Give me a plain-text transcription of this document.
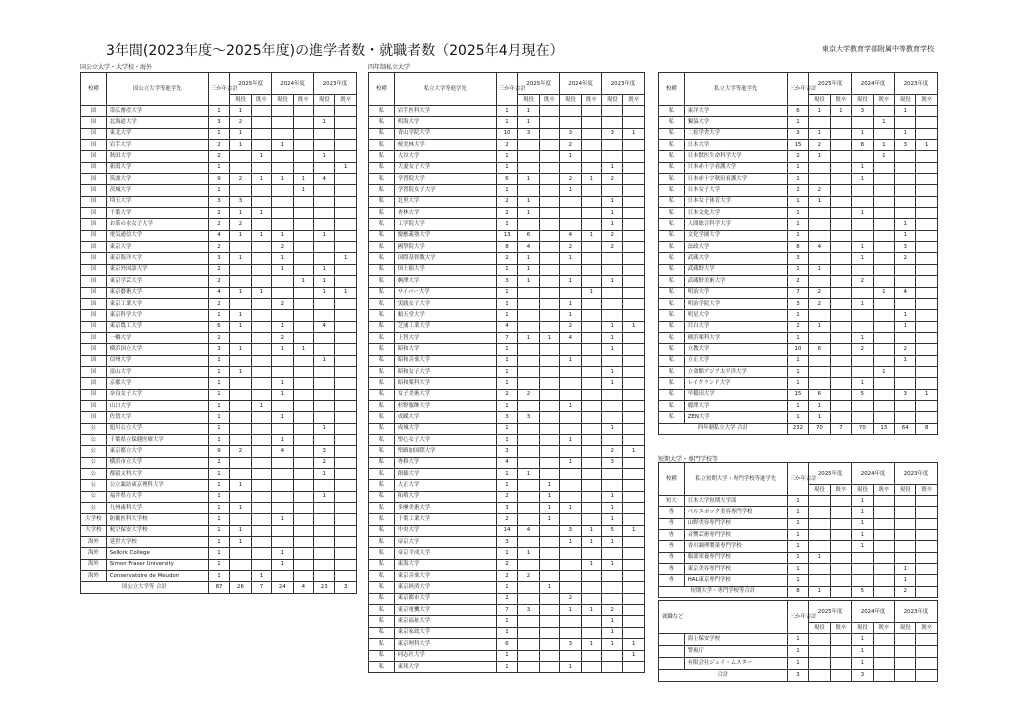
3年間(2023年度～2025年度)の進学者数・就職者数（2025年4月現在）	東京大学教育学部附属中等教育学校
国公立大学・大学校・海外	四年制私立大学
短期大学・専門学校等
校種	国公立大学等進学先	三か年合計	2025年度		2024年度		2023年度	
			現役	既卒	現役	既卒	現役	既卒
国	帯広畜産大学	1	1					
国	北海道大学	3	2				1	
国	東北大学	1	1					
国	岩手大学	2	1		1			
国	秋田大学	2		1			1	
国	新潟大学	1						1
国	筑波大学	9	2	1	1	1	4	
国	茨城大学	1				1		
国	埼玉大学	3	3					
国	千葉大学	2	1	1				
国	お茶の水女子大学	2	2					
国	電気通信大学	4	1	1	1		1	
国	東京大学	2			2			
国	東京海洋大学	3	1		1			1
国	東京外国語大学	2			1		1	
国	東京学芸大学	2				1	1	
国	東京藝術大学	4	1	1			1	1
国	東京工業大学	2			2			
国	東京科学大学	1	1					
国	東京農工大学	6	1		1		4	
国	一橋大学	2			2			
国	横浜国立大学	3	1		1	1		
国	信州大学	1					1	
国	富山大学	1	1					
国	京都大学	1			1			
国	奈良女子大学	1			1			
国	山口大学	1		1				
国	佐賀大学	1			1			
公	旭川公立大学	1					1	
公	千葉県立保健医療大学	1			1			
公	東京都立大学	9	2		4		3	
公	横浜市立大学	2					2	
公	都留文科大学	1					1	
公	公立諏訪東京理科大学	1	1					
公	福井県立大学	1					1	
公	九州歯科大学	1	1					
大学校	防衛医科大学校	1			1			
大学校	航空保安大学校	1	1					
海外	延世大学校	1	1					
海外	Selkirk College	1			1			
海外	Simon Fraser University	1			1			
海外	Conservatoire de Meudon	1		1				
国公立大学等 合計		87	26	7	24	4	23	3
校種	私立大学等進学先	三か年合計	2025年度		2024年度		2023年度	
			現役	既卒	現役	既卒	現役	既卒
私	岩手医科大学	1	1					
私	明海大学	1	1					
私	青山学院大学	10	3		3		3	1
私	桜美林大学	2			2			
私	大谷大学	1			1			
私	大妻女子大学	1					1	
私	学習院大学	6	1		2	1	2	
私	学習院女子大学	1			1			
私	北里大学	2	1				1	
私	杏林大学	2	1				1	
私	工学院大学	1					1	
私	慶應義塾大学	13	6		4	1	2	
私	國學院大学	8	4		2		2	
私	国際基督教大学	2	1		1			
私	国士舘大学	1	1					
私	駒澤大学	3	1		1		1	
私	サイバー大学	1				1		
私	実践女子大学	1			1			
私	順天堂大学	1			1			
私	芝浦工業大学	4			2		1	1
私	上智大学	7	1	1	4		1	
私	昭和大学	1					1	
私	昭和音楽大学	1			1			
私	昭和女子大学	1					1	
私	昭和薬科大学	1					1	
私	女子美術大学	2	2					
私	杉野服飾大学	1			1			
私	成蹊大学	3	3					
私	成城大学	1					1	
私	聖心女子大学	1			1			
私	聖路加国際大学	3					2	1
私	専修大学	4			1		3	
私	創価大学	1	1					
私	大正大学	1		1				
私	拓殖大学	2		1			1	
私	多摩美術大学	3		1	1		1	
私	千葉工業大学	2		1			1	
私	中央大学	14	4		3	1	5	1
私	帝京大学	3			1	1	1	
私	帝京平成大学	1	1					
私	東海大学	2				1	1	
私	東京音楽大学	2	2					
私	東京経済大学	1		1				
私	東京都市大学	2			2			
私	東京電機大学	7	3		1	1	2	
私	東京福祉大学	1					1	
私	東京家政大学	1					1	
私	東京理科大学	6			3	1	1	1
私	同志社大学	1						1
私	東邦大学	1			1			
校種	私立大学等進学先	三か年合計	2025年度		2024年度		2023年度	
			現役	既卒	現役	既卒	現役	既卒
私	東洋大学	6	1	1	3		1	
私	獨協大学	1				1		
私	二松学舎大学	3	1		1		1	
私	日本大学	15	2		8	1	3	1
私	日本獣医生命科学大学	2	1			1		
私	日本赤十字看護大学	1			1			
私	日本赤十字秋田看護大学	1			1			
私	日本女子大学	2	2					
私	日本女子体育大学	1	1					
私	日本文化大学	1			1			
私	人間総合科学大学	1					1	
私	文化学園大学	1					1	
私	法政大学	8	4		1		3	
私	武蔵大学	3			1		2	
私	武蔵野大学	1	1					
私	武蔵野美術大学	2			2			
私	明治大学	7	2			1	4	
私	明治学院大学	3	2		1			
私	明星大学	1					1	
私	目白大学	2	1				1	
私	横浜薬科大学	1			1			
私	立教大学	10	6		2		2	
私	立正大学	1					1	
私	立命館アジア太平洋大学	1				1		
私	レイクランド大学	1			1			
私	早稲田大学	15	6		5		3	1
私	麗澤大学	1	1					
私	ZEN大学	1	1					
四年制私立大学 合計		232	70	7	70	13	64	8
校種	私立短期大学・専門学校等進学先	三か年合計	2025年度		2024年度		2023年度	
			現役	既卒	現役	既卒	現役	既卒
短大	日本大学短期大学部	1			1			
専	ベルエポック美容専門学校	1			1			
専	山野美容専門学校	1			1			
専	音響芸術専門学校	1			1			
専	香川調理製菓専門学校	1			1			
専	服部栄養専門学校	1	1					
専	東京美容専門学校	1					1	
専	HAL東京専門学校	1					1	
短期大学・専門学校等合計		8	1		5		2	
就職など		三か年合計	2025年度		2024年度		2023年度	
			現役	既卒	現役	既卒	現役	既卒
	海上保安学校	1			1			
	警視庁	1			1			
	有限会社ジェイ・ムスター	1			1			
合計		3			3			
